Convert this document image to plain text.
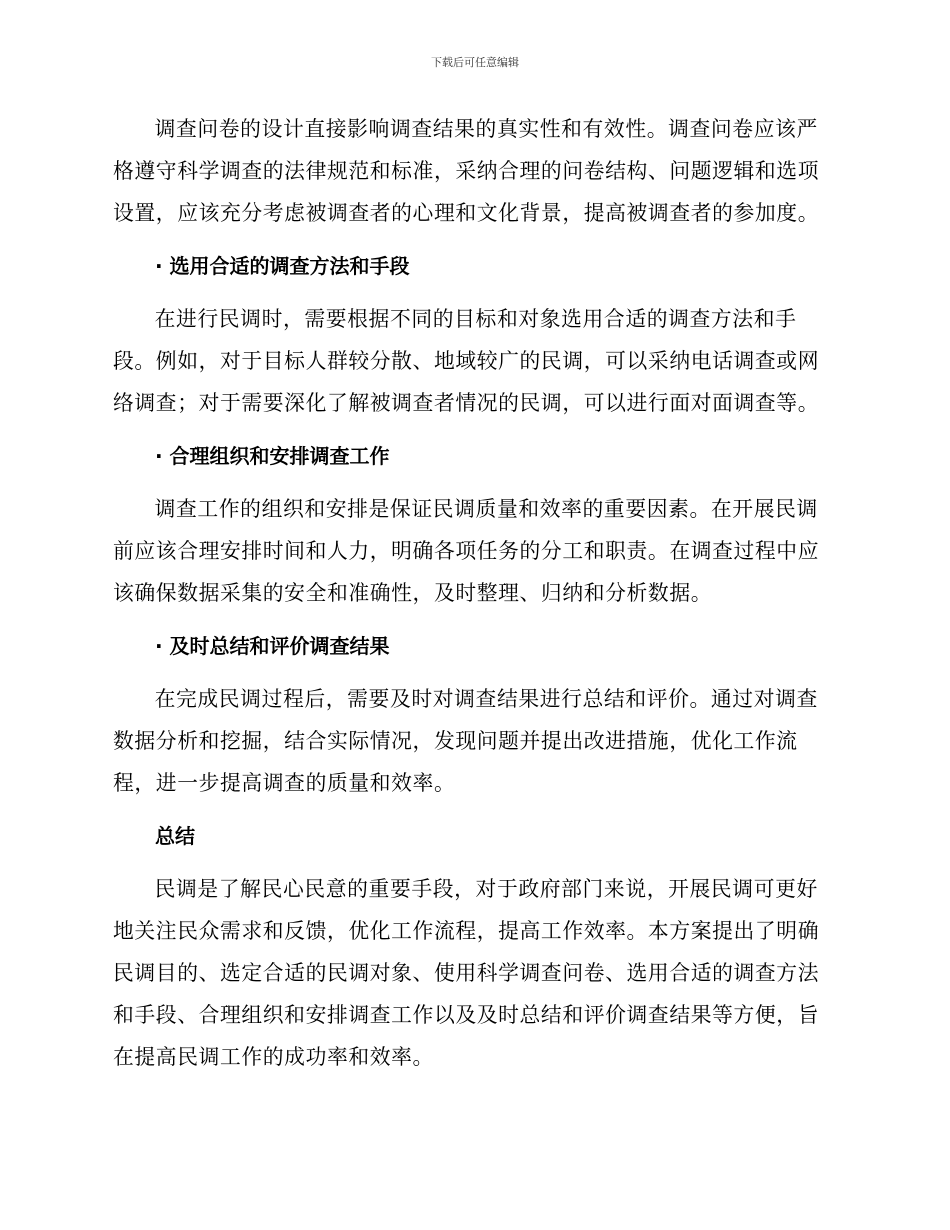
下载后可任意编辑

调查问卷的设计直接影响调查结果的真实性和有效性。调查问卷应该严格遵守科学调查的法律规范和标准，采纳合理的问卷结构、问题逻辑和选项设置，应该充分考虑被调查者的心理和文化背景，提高被调查者的参加度。

· 选用合适的调查方法和手段

在进行民调时，需要根据不同的目标和对象选用合适的调查方法和手段。例如，对于目标人群较分散、地域较广的民调，可以采纳电话调查或网络调查；对于需要深化了解被调查者情况的民调，可以进行面对面调查等。

· 合理组织和安排调查工作

调查工作的组织和安排是保证民调质量和效率的重要因素。在开展民调前应该合理安排时间和人力，明确各项任务的分工和职责。在调查过程中应该确保数据采集的安全和准确性，及时整理、归纳和分析数据。

· 及时总结和评价调查结果

在完成民调过程后，需要及时对调查结果进行总结和评价。通过对调查数据分析和挖掘，结合实际情况，发现问题并提出改进措施，优化工作流程，进一步提高调查的质量和效率。

总结

民调是了解民心民意的重要手段，对于政府部门来说，开展民调可更好地关注民众需求和反馈，优化工作流程，提高工作效率。本方案提出了明确民调目的、选定合适的民调对象、使用科学调查问卷、选用合适的调查方法和手段、合理组织和安排调查工作以及及时总结和评价调查结果等方便，旨在提高民调工作的成功率和效率。
